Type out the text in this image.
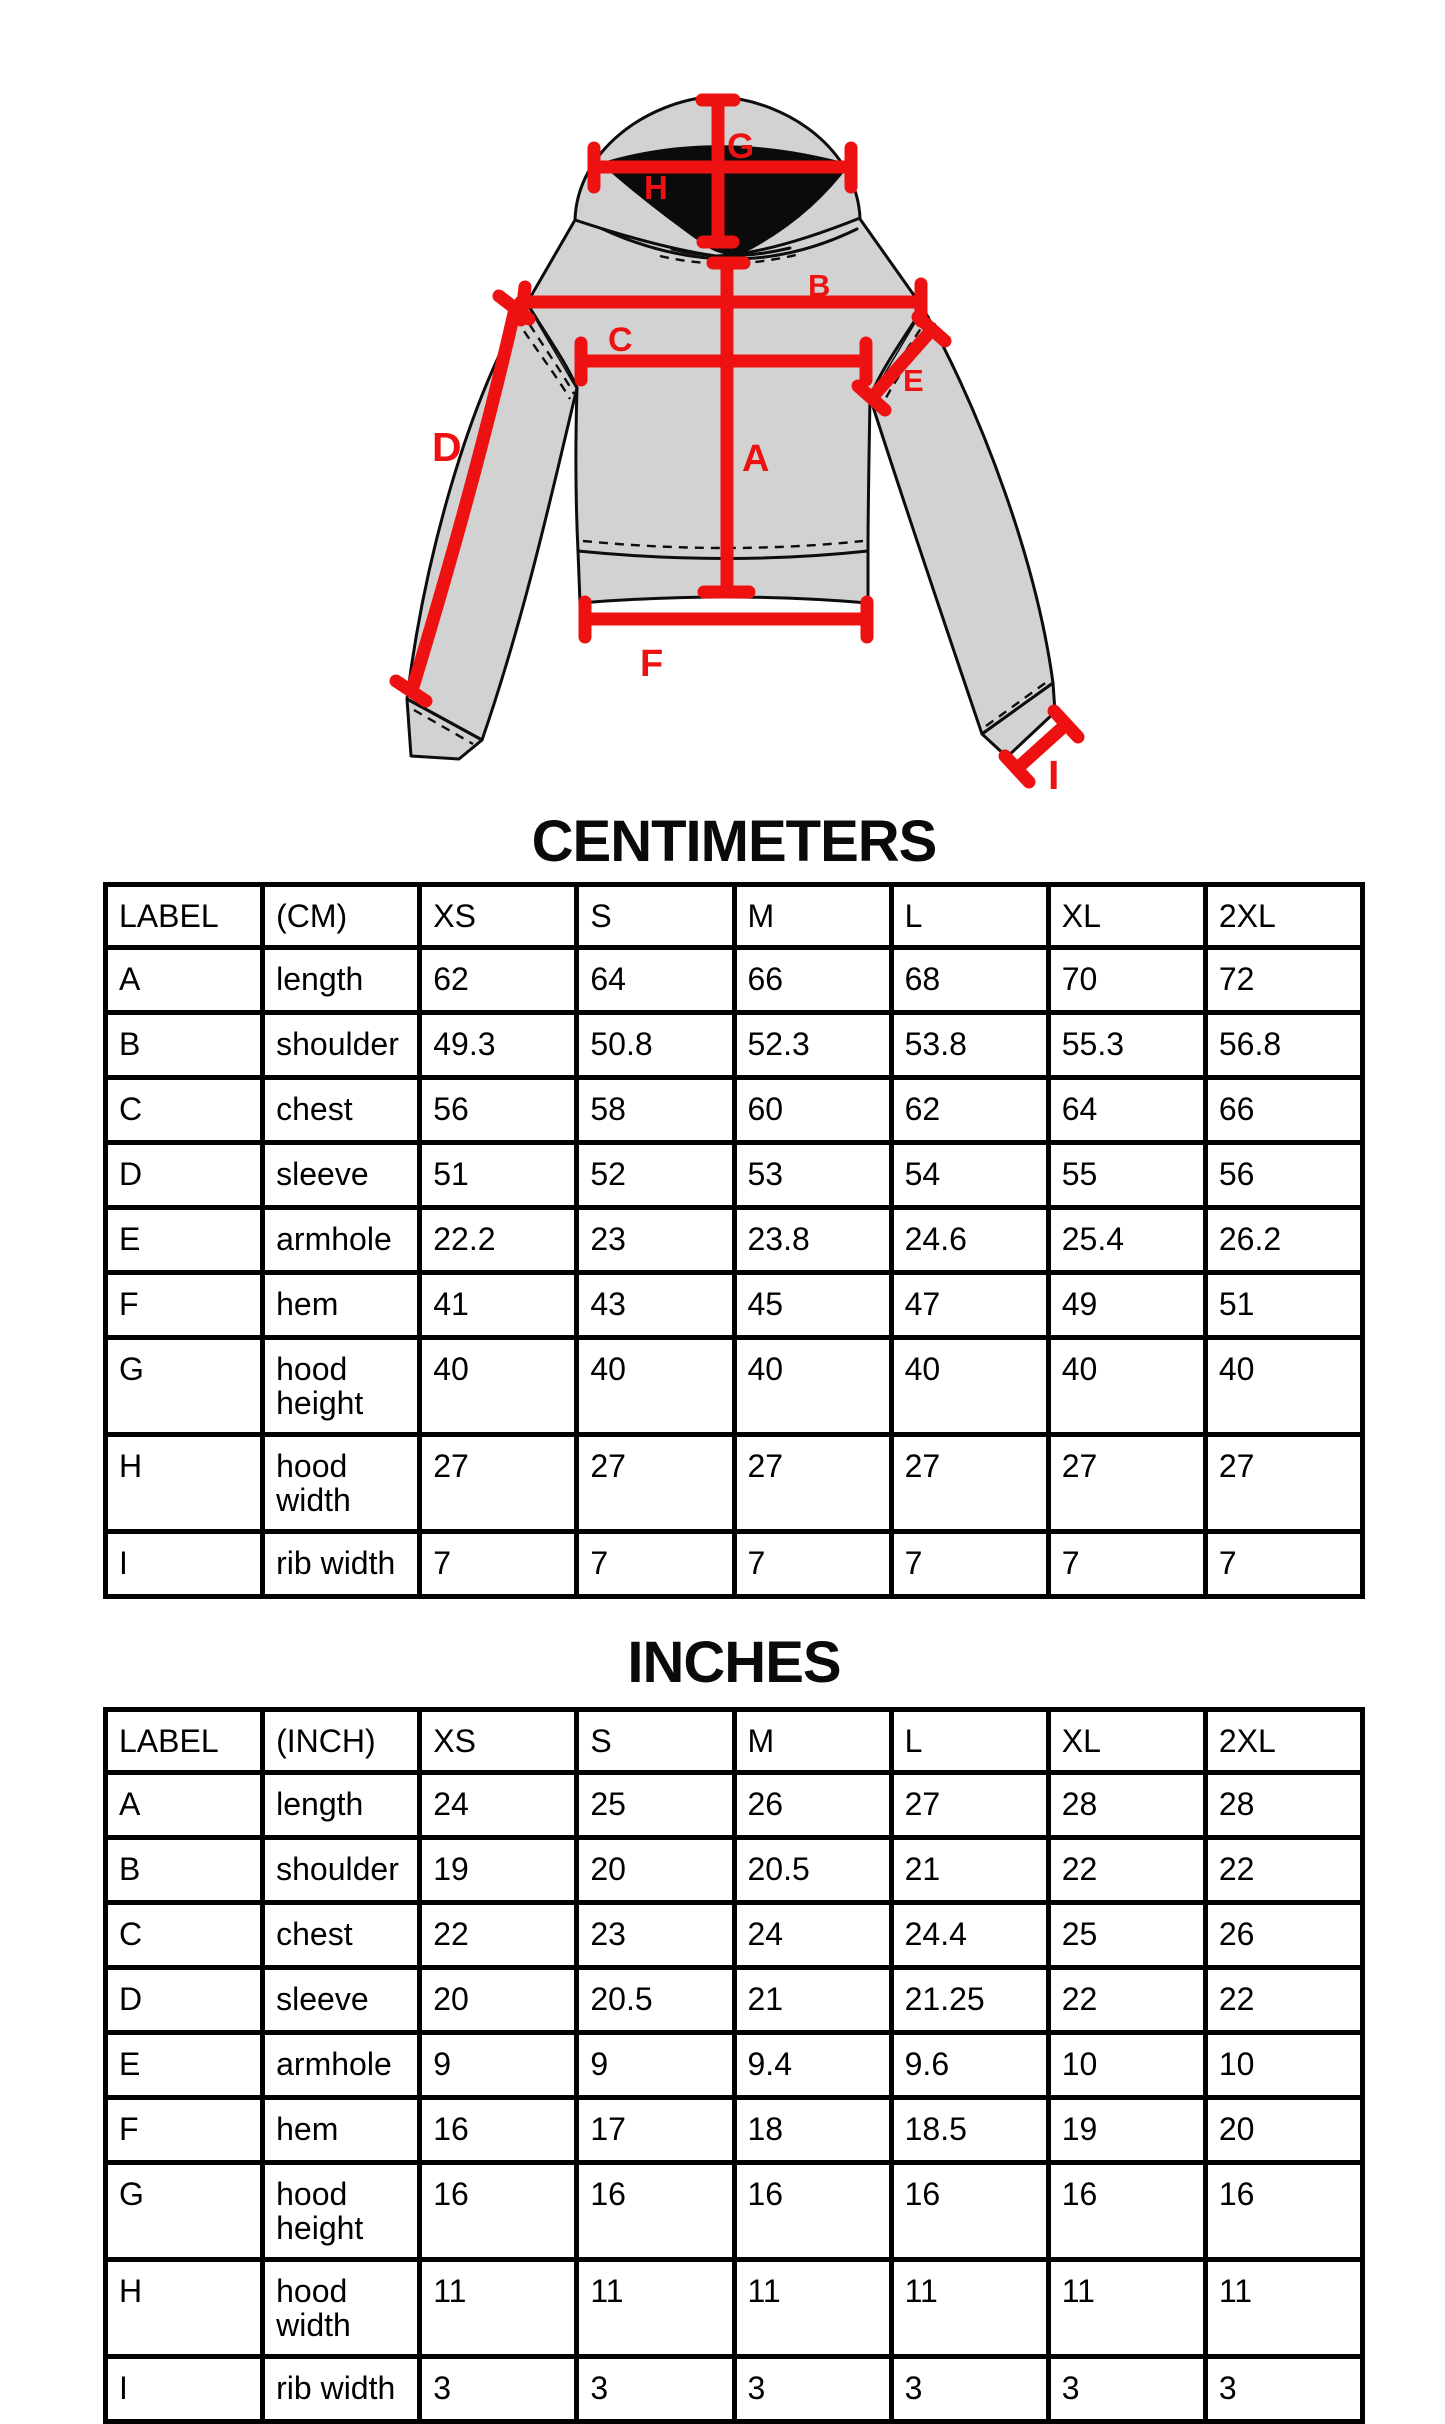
G
H
A
B
C
D
E
F
I
CENTIMETERS
LABEL	(CM)	XS	S	M	L	XL	2XL
A	length	62	64	66	68	70	72
B	shoulder	49.3	50.8	52.3	53.8	55.3	56.8
C	chest	56	58	60	62	64	66
D	sleeve	51	52	53	54	55	56
E	armhole	22.2	23	23.8	24.6	25.4	26.2
F	hem	41	43	45	47	49	51
G	hood height	40	40	40	40	40	40
H	hood width	27	27	27	27	27	27
I	rib width	7	7	7	7	7	7
INCHES
LABEL	(INCH)	XS	S	M	L	XL	2XL
A	length	24	25	26	27	28	28
B	shoulder	19	20	20.5	21	22	22
C	chest	22	23	24	24.4	25	26
D	sleeve	20	20.5	21	21.25	22	22
E	armhole	9	9	9.4	9.6	10	10
F	hem	16	17	18	18.5	19	20
G	hood height	16	16	16	16	16	16
H	hood width	11	11	11	11	11	11
I	rib width	3	3	3	3	3	3
